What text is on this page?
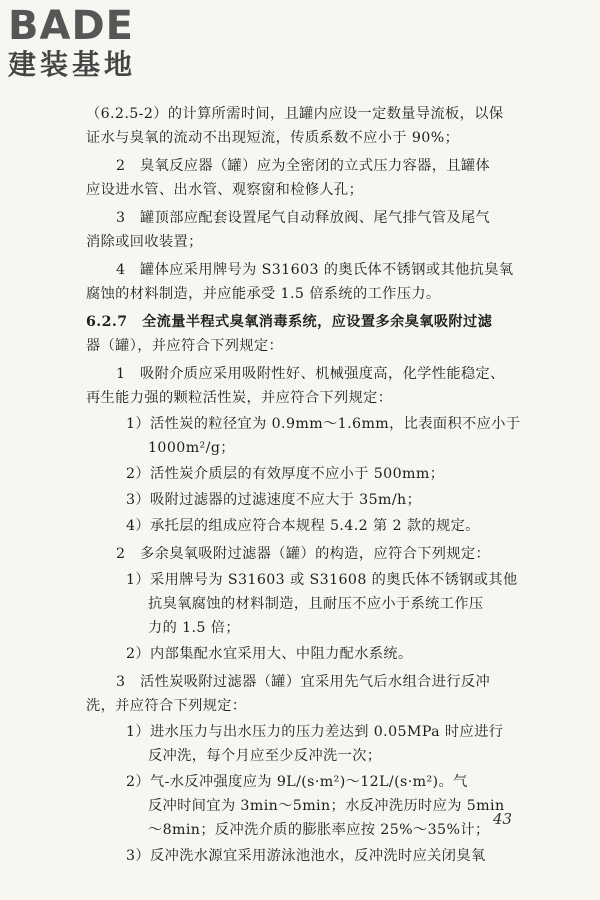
BADE
建装基地
（6.2.5-2）的计算所需时间，且罐内应设一定数量导流板，以保
证水与臭氧的流动不出现短流，传质系数不应小于 90%；
2　臭氧反应器（罐）应为全密闭的立式压力容器，且罐体
应设进水管、出水管、观察窗和检修人孔；
3　罐顶部应配套设置尾气自动释放阀、尾气排气管及尾气
消除或回收装置；
4　罐体应采用牌号为 S31603 的奥氏体不锈钢或其他抗臭氧
腐蚀的材料制造，并应能承受 1.5 倍系统的工作压力。
6.2.7　全流量半程式臭氧消毒系统，应设置多余臭氧吸附过滤
器（罐），并应符合下列规定：
1　吸附介质应采用吸附性好、机械强度高，化学性能稳定、
再生能力强的颗粒活性炭，并应符合下列规定：
1）活性炭的粒径宜为 0.9mm～1.6mm，比表面积不应小于
1000m²/g；
2）活性炭介质层的有效厚度不应小于 500mm；
3）吸附过滤器的过滤速度不应大于 35m/h；
4）承托层的组成应符合本规程 5.4.2 第 2 款的规定。
2　多余臭氧吸附过滤器（罐）的构造，应符合下列规定：
1）采用牌号为 S31603 或 S31608 的奥氏体不锈钢或其他
抗臭氧腐蚀的材料制造，且耐压不应小于系统工作压
力的 1.5 倍；
2）内部集配水宜采用大、中阻力配水系统。
3　活性炭吸附过滤器（罐）宜采用先气后水组合进行反冲
洗，并应符合下列规定：
1）进水压力与出水压力的压力差达到 0.05MPa 时应进行
反冲洗，每个月应至少反冲洗一次；
2）气-水反冲强度应为 9L/(s·m²)～12L/(s·m²)。气
反冲时间宜为 3min～5min；水反冲洗历时应为 5min
～8min；反冲洗介质的膨胀率应按 25%～35%计；
3）反冲洗水源宜采用游泳池池水，反冲洗时应关闭臭氧
43
